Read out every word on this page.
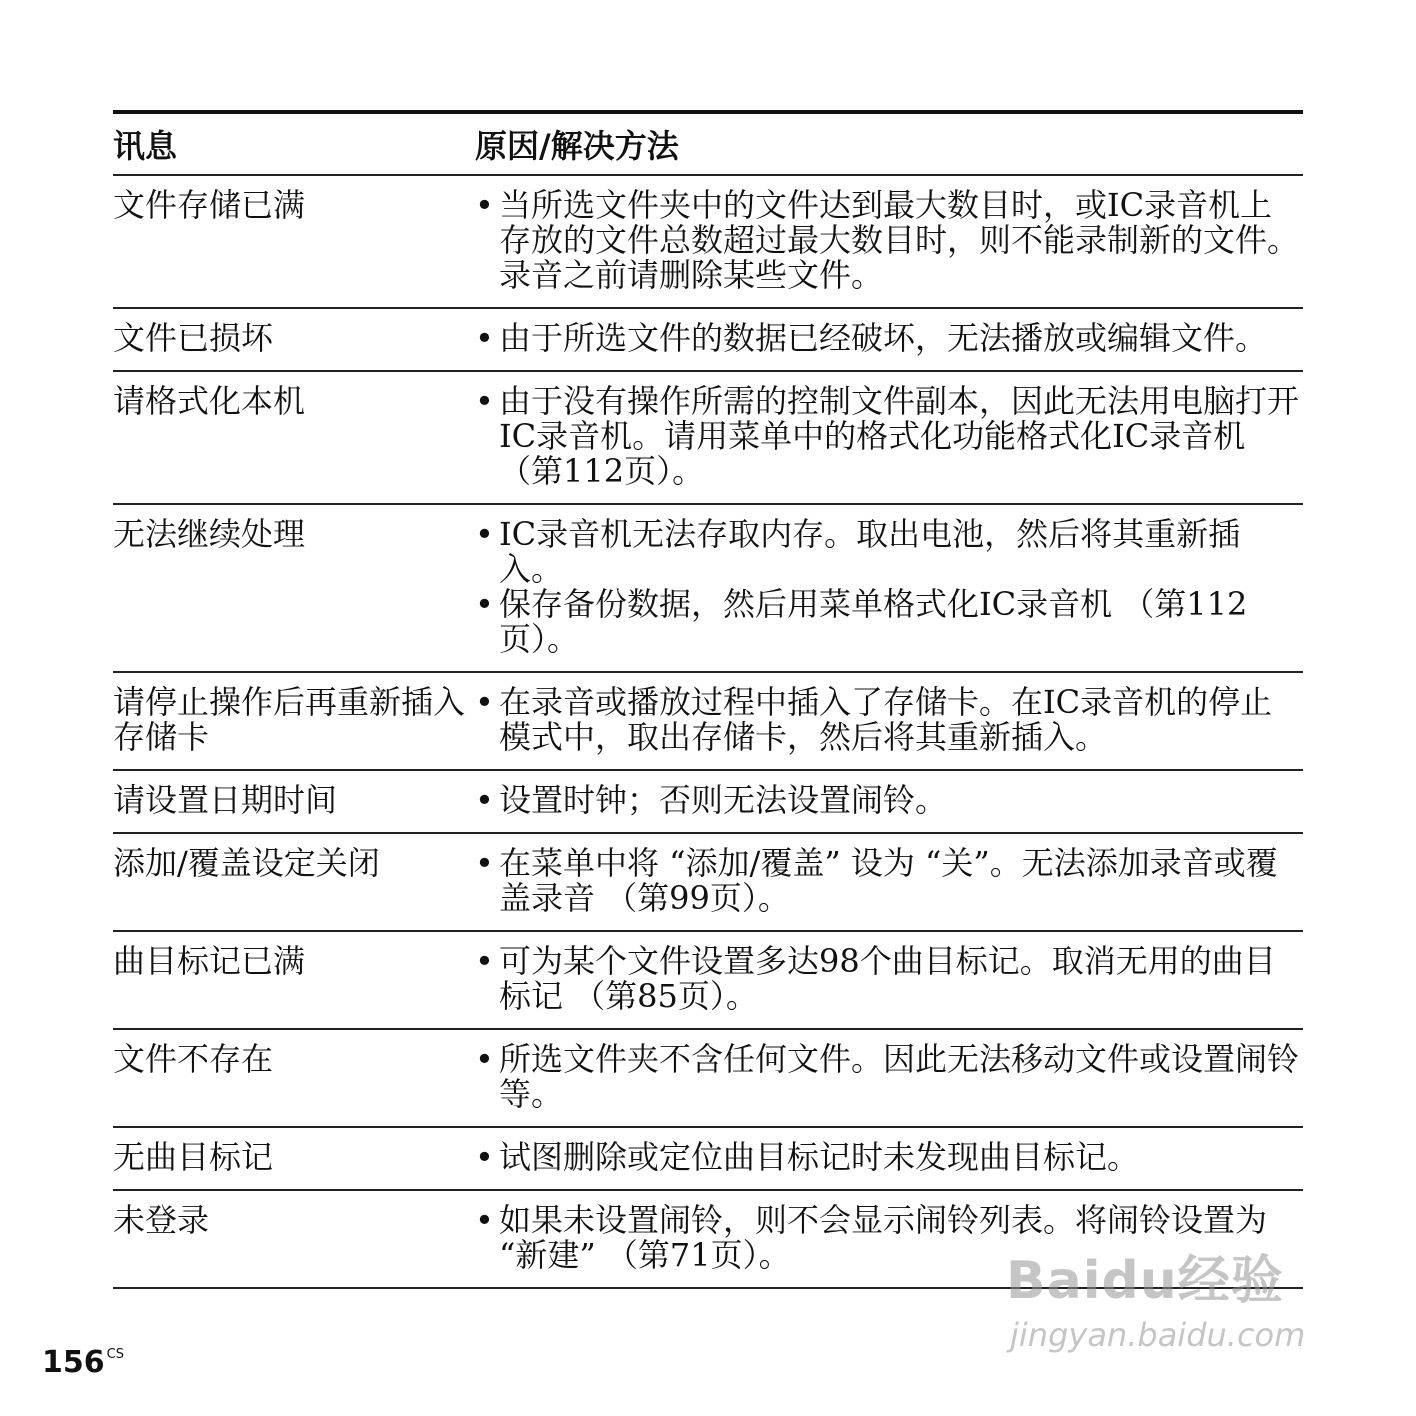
讯息	原因/解决方法
文件存储已满	• 当所选文件夹中的文件达到最大数目时，或IC录音机上存放的文件总数超过最大数目时，则不能录制新的文件。录音之前请删除某些文件。
文件已损坏	• 由于所选文件的数据已经破坏，无法播放或编辑文件。
请格式化本机	• 由于没有操作所需的控制文件副本，因此无法用电脑打开IC录音机。请用菜单中的格式化功能格式化IC录音机 （第112页）。
无法继续处理	• IC录音机无法存取内存。取出电池，然后将其重新插入。
• 保存备份数据，然后用菜单格式化IC录音机 （第112页）。
请停止操作后再重新插入存储卡
• 在录音或播放过程中插入了存储卡。在IC录音机的停止模式中，取出存储卡，然后将其重新插入。
请设置日期时间	• 设置时钟；否则无法设置闹铃。
添加/覆盖设定关闭	• 在菜单中将 “添加/覆盖” 设为 “关”。无法添加录音或覆盖录音 （第99页）。
曲目标记已满	• 可为某个文件设置多达98个曲目标记。取消无用的曲目标记 （第85页）。
文件不存在	• 所选文件夹不含任何文件。因此无法移动文件或设置闹铃等。
无曲目标记	• 试图删除或定位曲目标记时未发现曲目标记。
未登录	• 如果未设置闹铃，则不会显示闹铃列表。将闹铃设置为 “新建” （第71页）。
156 $^{CS}$
Baidu经验
jingyan.baidu.com
